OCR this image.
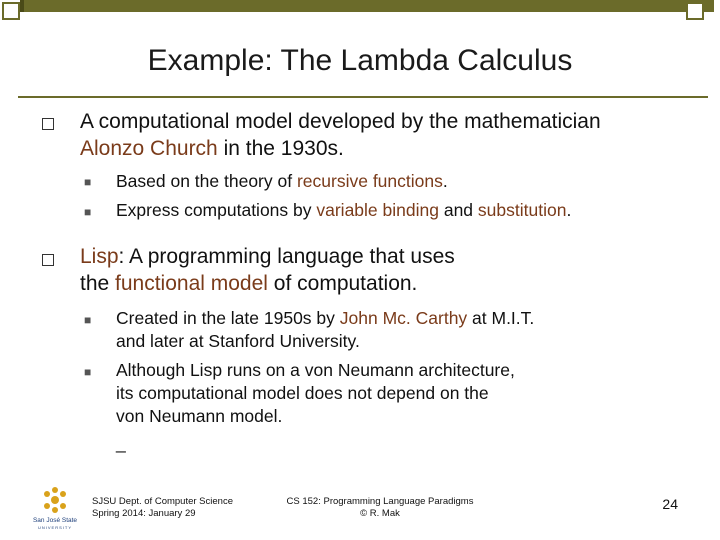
Example: The Lambda Calculus
A computational model developed by the mathematician
Alonzo Church in the 1930s.
■ Based on the theory of recursive functions.
■ Express computations by variable binding and substitution.
Lisp: A programming language that uses
the functional model of computation.
■ Created in the late 1950s by John Mc. Carthy at M.I.T.
and later at Stanford University.
■ Although Lisp runs on a von Neumann architecture,
its computational model does not depend on the
von Neumann model.
_
San José State
UNIVERSITY
SJSU Dept. of Computer Science
Spring 2014: January 29
CS 152: Programming Language Paradigms
© R. Mak
24
